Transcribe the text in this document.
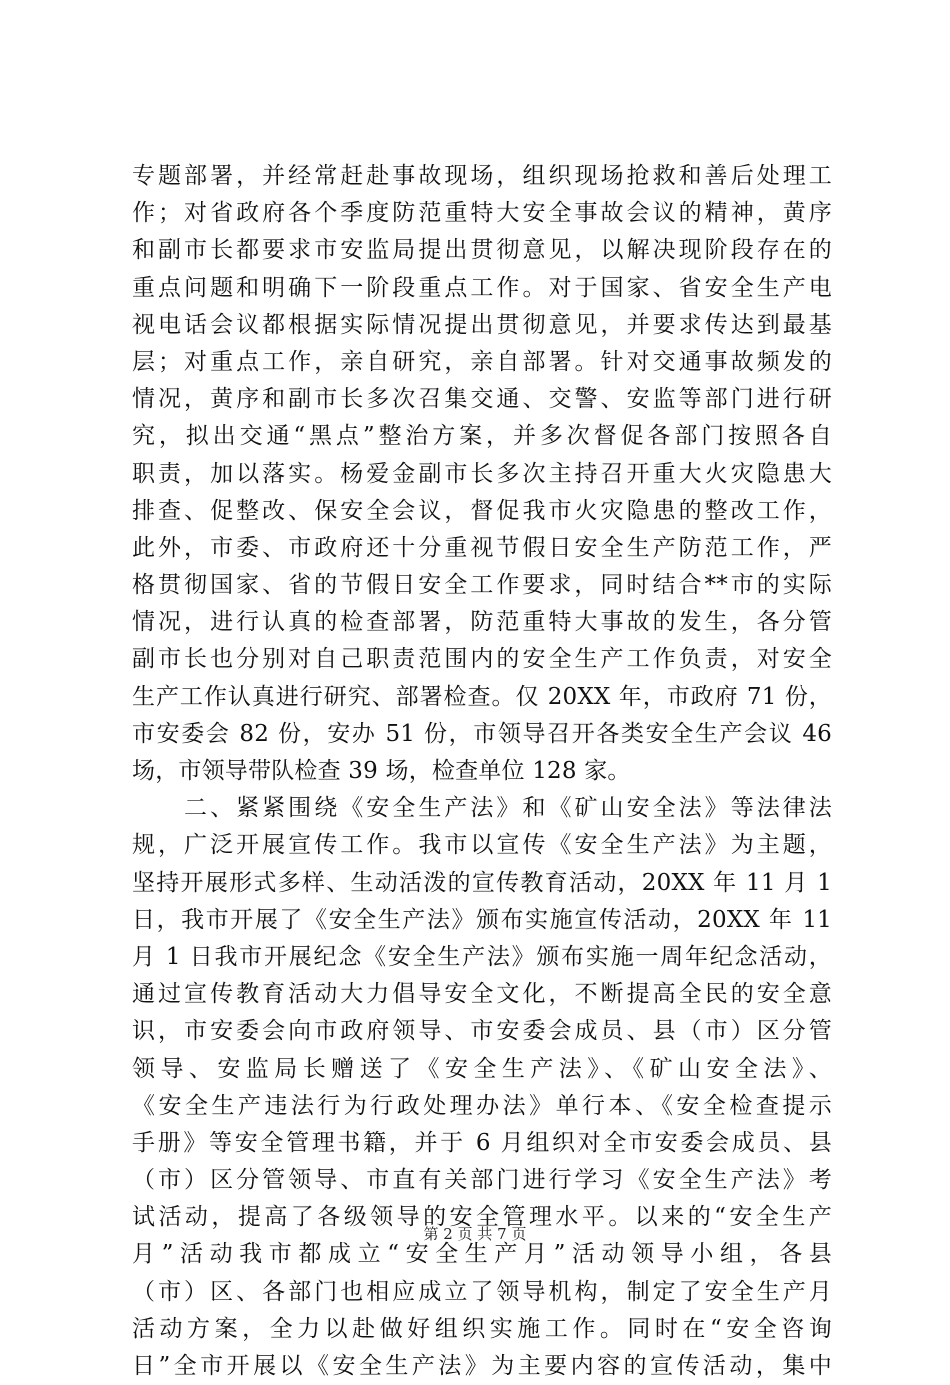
专题部署，并经常赶赴事故现场，组织现场抢救和善后处理工
作；对省政府各个季度防范重特大安全事故会议的精神，黄序
和副市长都要求市安监局提出贯彻意见，以解决现阶段存在的
重点问题和明确下一阶段重点工作。对于国家、省安全生产电
视电话会议都根据实际情况提出贯彻意见，并要求传达到最基
层；对重点工作，亲自研究，亲自部署。针对交通事故频发的
情况，黄序和副市长多次召集交通、交警、安监等部门进行研
究，拟出交通“黑点”整治方案，并多次督促各部门按照各自
职责，加以落实。杨爱金副市长多次主持召开重大火灾隐患大
排查、促整改、保安全会议，督促我市火灾隐患的整改工作，
此外，市委、市政府还十分重视节假日安全生产防范工作，严
格贯彻国家、省的节假日安全工作要求，同时结合**市的实际
情况，进行认真的检查部署，防范重特大事故的发生，各分管
副市长也分别对自己职责范围内的安全生产工作负责，对安全
生产工作认真进行研究、部署检查。仅 20XX 年，市政府 71 份，
市安委会 82 份，安办 51 份，市领导召开各类安全生产会议 46
场，市领导带队检查 39 场，检查单位 128 家。
　　二、紧紧围绕《安全生产法》和《矿山安全法》等法律法
规，广泛开展宣传工作。我市以宣传《安全生产法》为主题，
坚持开展形式多样、生动活泼的宣传教育活动，20XX 年 11 月 1
日，我市开展了《安全生产法》颁布实施宣传活动，20XX 年 11
月 1 日我市开展纪念《安全生产法》颁布实施一周年纪念活动，
通过宣传教育活动大力倡导安全文化，不断提高全民的安全意
识，市安委会向市政府领导、市安委会成员、县（市）区分管
领导、安监局长赠送了《安全生产法》、《矿山安全法》、
《安全生产违法行为行政处理办法》单行本、《安全检查提示
手册》等安全管理书籍，并于 6 月组织对全市安委会成员、县
（市）区分管领导、市直有关部门进行学习《安全生产法》考
试活动，提高了各级领导的安全管理水平。以来的“安全生产
月”活动我市都成立“安全生产月”活动领导小组，各县
（市）区、各部门也相应成立了领导机构，制定了安全生产月
活动方案，全力以赴做好组织实施工作。同时在“安全咨询
日”全市开展以《安全生产法》为主要内容的宣传活动，集中
第 2 页 共 7 页
